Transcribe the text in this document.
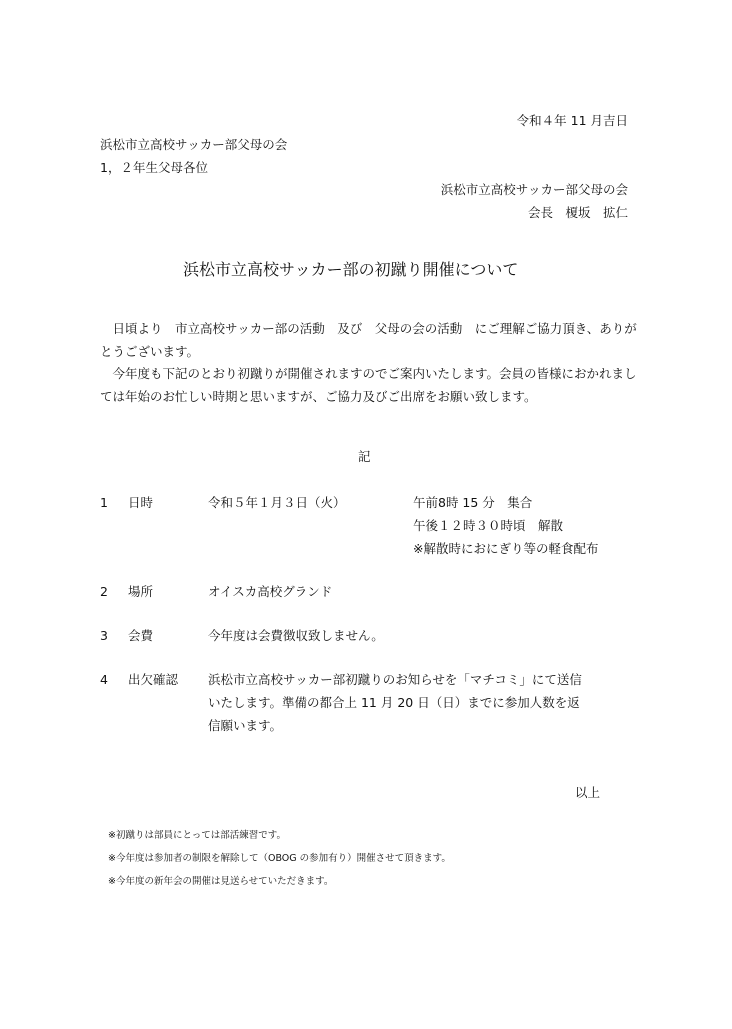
令和４年 11 月吉日
浜松市立高校サッカー部父母の会
1，２年生父母各位
浜松市立高校サッカー部父母の会
会長　榎坂　拡仁
浜松市立高校サッカー部の初蹴り開催について

　日頃より　市立高校サッカー部の活動　及び　父母の会の活動　にご理解ご協力頂き、ありがとうございます。

　今年度も下記のとおり初蹴りが開催されますのでご案内いたします。会員の皆様におかれましては年始のお忙しい時期と思いますが、ご協力及びご出席をお願い致します。

記
1 日時	令和５年１月３日（火）	午前8時 15 分　集合
午後１２時３０時頃　解散
※解散時におにぎり等の軽食配布
2 場所	オイスカ高校グランド
3 会費	今年度は会費徴収致しません。
4 出欠確認 浜松市立高校サッカー部初蹴りのお知らせを「マチコミ」にて送信
いたします。準備の都合上 11 月 20 日（日）までに参加人数を返
信願います。
以上
※初蹴りは部員にとっては部活練習です。
※今年度は参加者の制限を解除して（OBOG の参加有り）開催させて頂きます。
※今年度の新年会の開催は見送らせていただきます。
